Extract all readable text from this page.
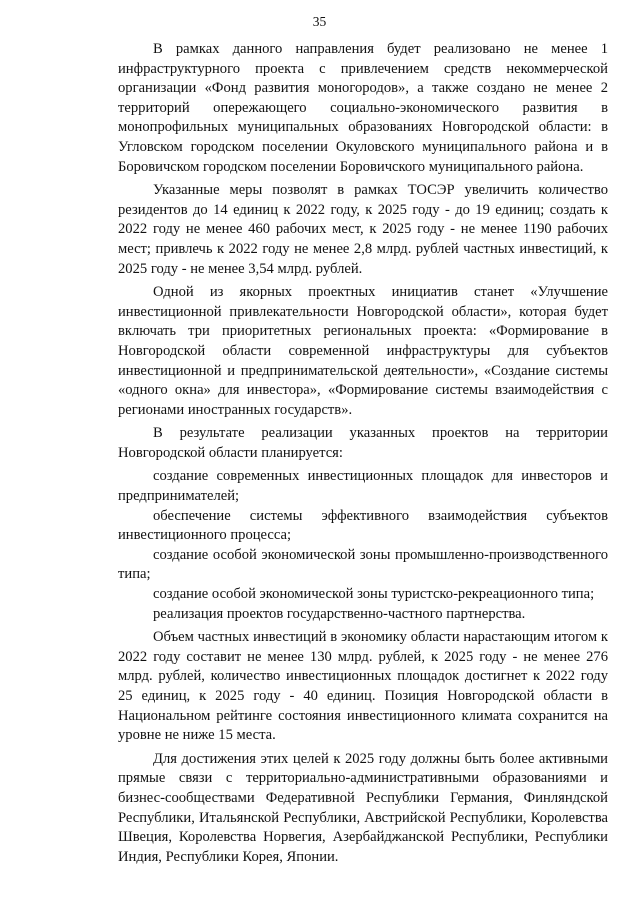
35

В рамках данного направления будет реализовано не менее 1 инфраструктурного проекта с привлечением средств некоммерческой организации «Фонд развития моногородов», а также создано не менее 2 территорий опережающего социально-экономического развития в монопрофильных муниципальных образованиях Новгородской области: в Угловском городском поселении Окуловского муниципального района и в Боровичском городском поселении Боровичского муниципального района.

Указанные меры позволят в рамках ТОСЭР увеличить количество резидентов до 14 единиц к 2022 году, к 2025 году - до 19 единиц; создать к 2022 году не менее 460 рабочих мест, к 2025 году - не менее 1190 рабочих мест; привлечь к 2022 году не менее 2,8 млрд. рублей частных инвестиций, к 2025 году - не менее 3,54 млрд. рублей.

Одной из якорных проектных инициатив станет «Улучшение инвестиционной привлекательности Новгородской области», которая будет включать три приоритетных региональных проекта: «Формирование в Новгородской области современной инфраструктуры для субъектов инвестиционной и предпринимательской деятельности», «Создание системы «одного окна» для инвестора», «Формирование системы взаимодействия с регионами иностранных государств».

В результате реализации указанных проектов на территории Новгородской области планируется:

создание современных инвестиционных площадок для инвесторов и предпринимателей;

обеспечение системы эффективного взаимодействия субъектов инвестиционного процесса;

создание особой экономической зоны промышленно-производственного типа;

создание особой экономической зоны туристско-рекреационного типа;

реализация проектов государственно-частного партнерства.

Объем частных инвестиций в экономику области нарастающим итогом к 2022 году составит не менее 130 млрд. рублей, к 2025 году - не менее 276 млрд. рублей, количество инвестиционных площадок достигнет к 2022 году 25 единиц, к 2025 году - 40 единиц. Позиция Новгородской области в Национальном рейтинге состояния инвестиционного климата сохранится на уровне не ниже 15 места.

Для достижения этих целей к 2025 году должны быть более активными прямые связи с территориально-административными образованиями и бизнес-сообществами Федеративной Республики Германия, Финляндской Республики, Итальянской Республики, Австрийской Республики, Королевства Швеция, Королевства Норвегия, Азербайджанской Республики, Республики Индия, Республики Корея, Японии.
